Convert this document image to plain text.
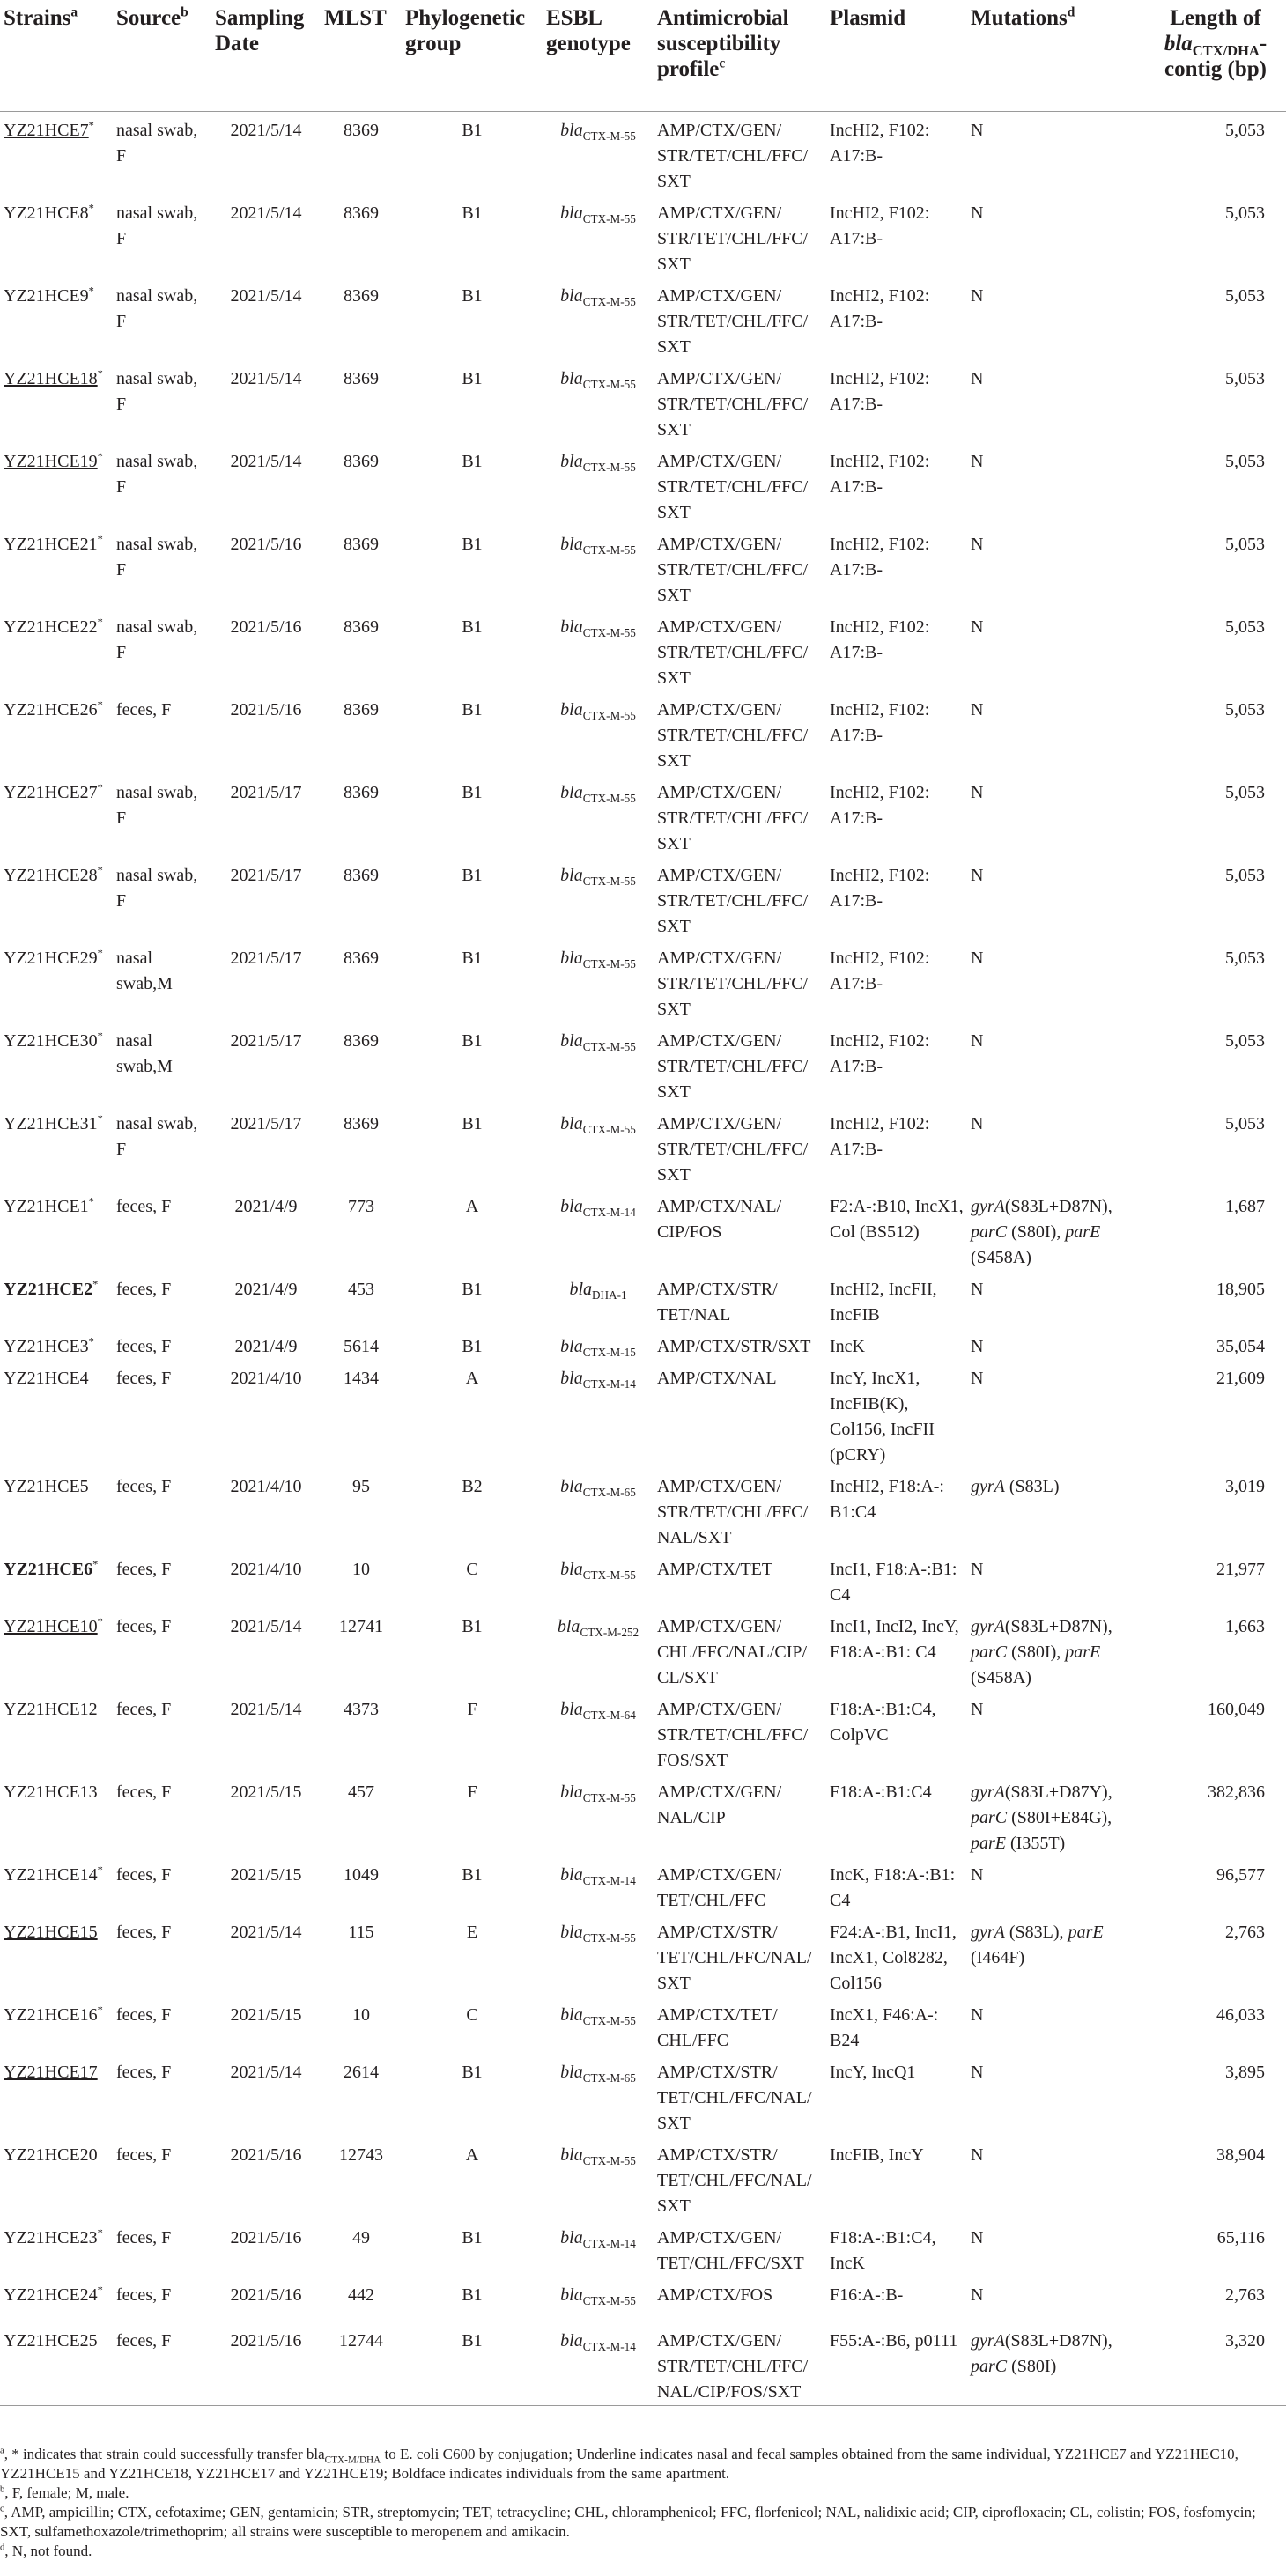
Strains$^a$	Source$^b$	Sampling Date	MLST	Phylogenetic group	ESBL genotype	Antimicrobial susceptibility profile$^c$	Plasmid	Mutations$^d$	Length of bla$_{CTX/DHA}$-contig (bp)
YZ21HCE7*	nasal swab, F	2021/5/14	8369	B1	bla$_{CTX-M-55}$	AMP/CTX/GEN/ STR/TET/CHL/FFC/ SXT	IncHI2, F102: A17:B-	N	5,053
YZ21HCE8*	nasal swab, F	2021/5/14	8369	B1	bla$_{CTX-M-55}$	AMP/CTX/GEN/ STR/TET/CHL/FFC/ SXT	IncHI2, F102: A17:B-	N	5,053
YZ21HCE9*	nasal swab, F	2021/5/14	8369	B1	bla$_{CTX-M-55}$	AMP/CTX/GEN/ STR/TET/CHL/FFC/ SXT	IncHI2, F102: A17:B-	N	5,053
YZ21HCE18*	nasal swab, F	2021/5/14	8369	B1	bla$_{CTX-M-55}$	AMP/CTX/GEN/ STR/TET/CHL/FFC/ SXT	IncHI2, F102: A17:B-	N	5,053
YZ21HCE19*	nasal swab, F	2021/5/14	8369	B1	bla$_{CTX-M-55}$	AMP/CTX/GEN/ STR/TET/CHL/FFC/ SXT	IncHI2, F102: A17:B-	N	5,053
YZ21HCE21*	nasal swab, F	2021/5/16	8369	B1	bla$_{CTX-M-55}$	AMP/CTX/GEN/ STR/TET/CHL/FFC/ SXT	IncHI2, F102: A17:B-	N	5,053
YZ21HCE22*	nasal swab, F	2021/5/16	8369	B1	bla$_{CTX-M-55}$	AMP/CTX/GEN/ STR/TET/CHL/FFC/ SXT	IncHI2, F102: A17:B-	N	5,053
YZ21HCE26*	feces, F	2021/5/16	8369	B1	bla$_{CTX-M-55}$	AMP/CTX/GEN/ STR/TET/CHL/FFC/ SXT	IncHI2, F102: A17:B-	N	5,053
YZ21HCE27*	nasal swab, F	2021/5/17	8369	B1	bla$_{CTX-M-55}$	AMP/CTX/GEN/ STR/TET/CHL/FFC/ SXT	IncHI2, F102: A17:B-	N	5,053
YZ21HCE28*	nasal swab, F	2021/5/17	8369	B1	bla$_{CTX-M-55}$	AMP/CTX/GEN/ STR/TET/CHL/FFC/ SXT	IncHI2, F102: A17:B-	N	5,053
YZ21HCE29*	nasal swab,M	2021/5/17	8369	B1	bla$_{CTX-M-55}$	AMP/CTX/GEN/ STR/TET/CHL/FFC/ SXT	IncHI2, F102: A17:B-	N	5,053
YZ21HCE30*	nasal swab,M	2021/5/17	8369	B1	bla$_{CTX-M-55}$	AMP/CTX/GEN/ STR/TET/CHL/FFC/ SXT	IncHI2, F102: A17:B-	N	5,053
YZ21HCE31*	nasal swab, F	2021/5/17	8369	B1	bla$_{CTX-M-55}$	AMP/CTX/GEN/ STR/TET/CHL/FFC/ SXT	IncHI2, F102: A17:B-	N	5,053
YZ21HCE1*	feces, F	2021/4/9	773	A	bla$_{CTX-M-14}$	AMP/CTX/NAL/ CIP/FOS	F2:A-:B10, IncX1, Col (BS512)	gyrA(S83L+D87N), parC (S80I), parE (S458A)	1,687
YZ21HCE2*	feces, F	2021/4/9	453	B1	bla$_{DHA-1}$	AMP/CTX/STR/ TET/NAL	IncHI2, IncFII, IncFIB	N	18,905
YZ21HCE3*	feces, F	2021/4/9	5614	B1	bla$_{CTX-M-15}$	AMP/CTX/STR/SXT	IncK	N	35,054
YZ21HCE4	feces, F	2021/4/10	1434	A	bla$_{CTX-M-14}$	AMP/CTX/NAL	IncY, IncX1, IncFIB(K), Col156, IncFII (pCRY)	N	21,609
YZ21HCE5	feces, F	2021/4/10	95	B2	bla$_{CTX-M-65}$	AMP/CTX/GEN/ STR/TET/CHL/FFC/ NAL/SXT	IncHI2, F18:A-: B1:C4	gyrA (S83L)	3,019
YZ21HCE6*	feces, F	2021/4/10	10	C	bla$_{CTX-M-55}$	AMP/CTX/TET	IncI1, F18:A-:B1: C4	N	21,977
YZ21HCE10*	feces, F	2021/5/14	12741	B1	bla$_{CTX-M-252}$	AMP/CTX/GEN/ CHL/FFC/NAL/CIP/ CL/SXT	IncI1, IncI2, IncY, F18:A-:B1: C4	gyrA(S83L+D87N), parC (S80I), parE (S458A)	1,663
YZ21HCE12	feces, F	2021/5/14	4373	F	bla$_{CTX-M-64}$	AMP/CTX/GEN/ STR/TET/CHL/FFC/ FOS/SXT	F18:A-:B1:C4, ColpVC	N	160,049
YZ21HCE13	feces, F	2021/5/15	457	F	bla$_{CTX-M-55}$	AMP/CTX/GEN/ NAL/CIP	F18:A-:B1:C4	gyrA(S83L+D87Y), parC (S80I+E84G), parE (I355T)	382,836
YZ21HCE14*	feces, F	2021/5/15	1049	B1	bla$_{CTX-M-14}$	AMP/CTX/GEN/ TET/CHL/FFC	IncK, F18:A-:B1: C4	N	96,577
YZ21HCE15	feces, F	2021/5/14	115	E	bla$_{CTX-M-55}$	AMP/CTX/STR/ TET/CHL/FFC/NAL/ SXT	F24:A-:B1, IncI1, IncX1, Col8282, Col156	gyrA (S83L), parE (I464F)	2,763
YZ21HCE16*	feces, F	2021/5/15	10	C	bla$_{CTX-M-55}$	AMP/CTX/TET/ CHL/FFC	IncX1, F46:A-: B24	N	46,033
YZ21HCE17	feces, F	2021/5/14	2614	B1	bla$_{CTX-M-65}$	AMP/CTX/STR/ TET/CHL/FFC/NAL/ SXT	IncY, IncQ1	N	3,895
YZ21HCE20	feces, F	2021/5/16	12743	A	bla$_{CTX-M-55}$	AMP/CTX/STR/ TET/CHL/FFC/NAL/ SXT	IncFIB, IncY	N	38,904
YZ21HCE23*	feces, F	2021/5/16	49	B1	bla$_{CTX-M-14}$	AMP/CTX/GEN/ TET/CHL/FFC/SXT	F18:A-:B1:C4, IncK	N	65,116
YZ21HCE24*	feces, F	2021/5/16	442	B1	bla$_{CTX-M-55}$	AMP/CTX/FOS	F16:A-:B-	N	2,763
YZ21HCE25	feces, F	2021/5/16	12744	B1	bla$_{CTX-M-14}$	AMP/CTX/GEN/ STR/TET/CHL/FFC/ NAL/CIP/FOS/SXT	F55:A-:B6, p0111	gyrA(S83L+D87N), parC (S80I)	3,320

$^a$, * indicates that strain could successfully transfer bla$_{CTX-M/DHA}$ to E. coli C600 by conjugation; Underline indicates nasal and fecal samples obtained from the same individual, YZ21HCE7 and YZ21HEC10, YZ21HCE15 and YZ21HCE18, YZ21HCE17 and YZ21HCE19; Boldface indicates individuals from the same apartment.

$^b$, F, female; M, male.

$^c$, AMP, ampicillin; CTX, cefotaxime; GEN, gentamicin; STR, streptomycin; TET, tetracycline; CHL, chloramphenicol; FFC, florfenicol; NAL, nalidixic acid; CIP, ciprofloxacin; CL, colistin; FOS, fosfomycin; SXT, sulfamethoxazole/trimethoprim; all strains were susceptible to meropenem and amikacin.

$^d$, N, not found.
